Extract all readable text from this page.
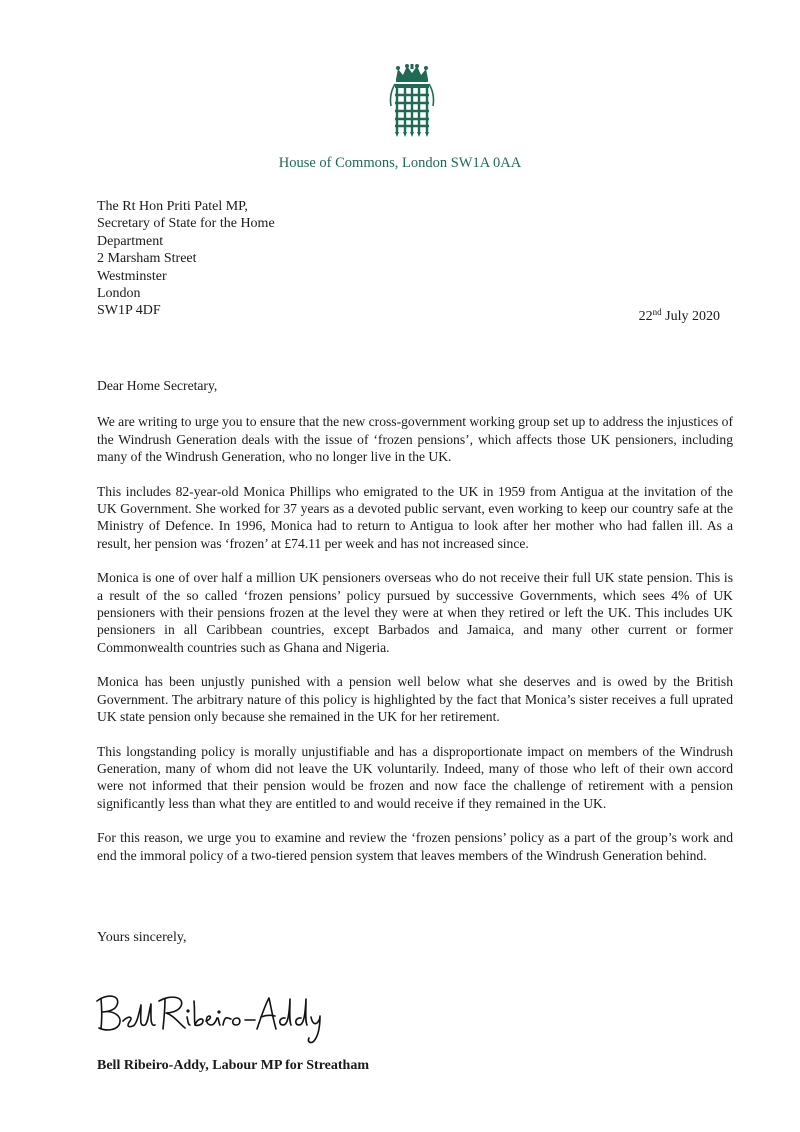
House of Commons, London SW1A 0AA
The Rt Hon Priti Patel MP,
Secretary of State for the Home
Department
2 Marsham Street
Westminster
London
SW1P 4DF	22nd July 2020

Dear Home Secretary,

We are writing to urge you to ensure that the new cross-government working group set up to address the injustices of the Windrush Generation deals with the issue of ‘frozen pensions’, which affects those UK pensioners, including many of the Windrush Generation, who no longer live in the UK.

This includes 82-year-old Monica Phillips who emigrated to the UK in 1959 from Antigua at the invitation of the UK Government. She worked for 37 years as a devoted public servant, even working to keep our country safe at the Ministry of Defence. In 1996, Monica had to return to Antigua to look after her mother who had fallen ill. As a result, her pension was ‘frozen’ at £74.11 per week and has not increased since.

Monica is one of over half a million UK pensioners overseas who do not receive their full UK state pension. This is a result of the so called ‘frozen pensions’ policy pursued by successive Governments, which sees 4% of UK pensioners with their pensions frozen at the level they were at when they retired or left the UK. This includes UK pensioners in all Caribbean countries, except Barbados and Jamaica, and many other current or former Commonwealth countries such as Ghana and Nigeria.

Monica has been unjustly punished with a pension well below what she deserves and is owed by the British Government. The arbitrary nature of this policy is highlighted by the fact that Monica’s sister receives a full uprated UK state pension only because she remained in the UK for her retirement.

This longstanding policy is morally unjustifiable and has a disproportionate impact on members of the Windrush Generation, many of whom did not leave the UK voluntarily. Indeed, many of those who left of their own accord were not informed that their pension would be frozen and now face the challenge of retirement with a pension significantly less than what they are entitled to and would receive if they remained in the UK.

For this reason, we urge you to examine and review the ‘frozen pensions’ policy as a part of the group’s work and end the immoral policy of a two-tiered pension system that leaves members of the Windrush Generation behind.

Yours sincerely,
Bell Ribeiro-Addy, Labour MP for Streatham
